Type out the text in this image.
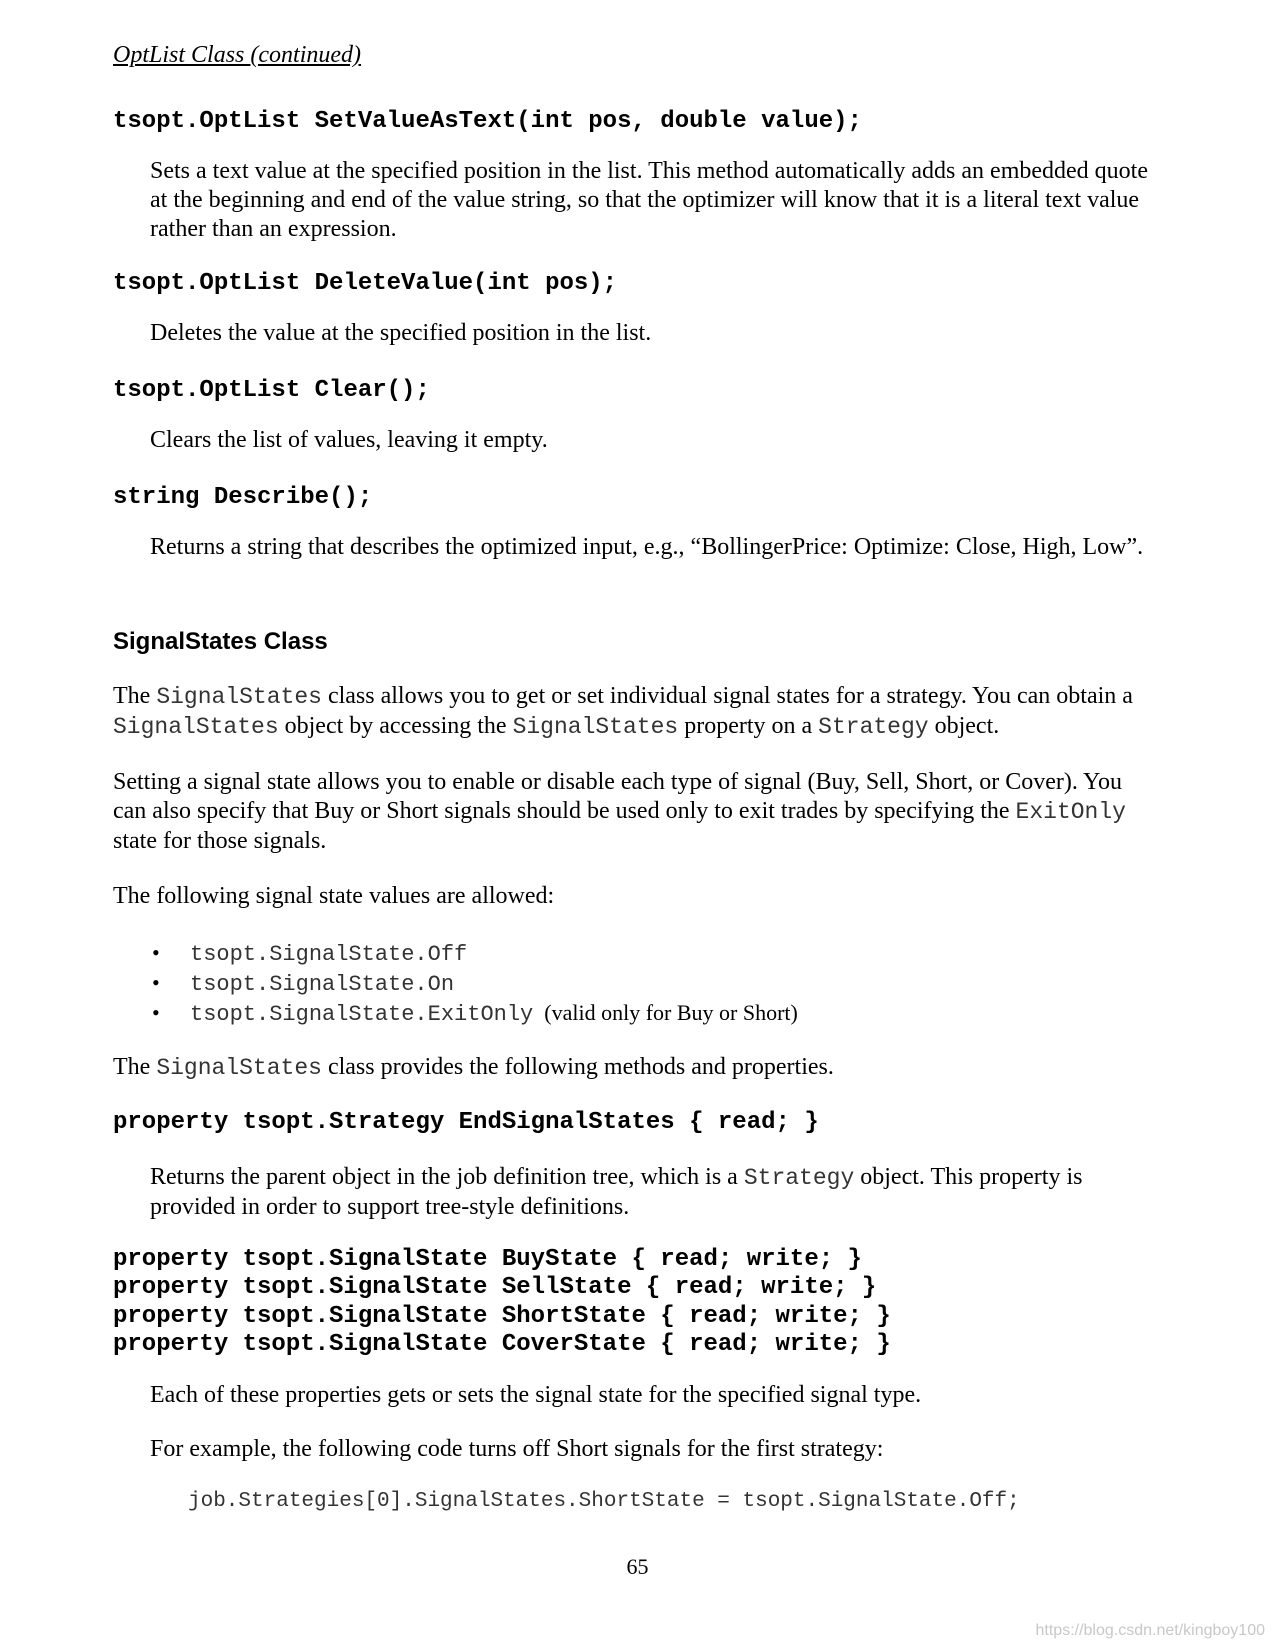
OptList Class (continued)
tsopt.OptList SetValueAsText(int pos, double value);
Sets a text value at the specified position in the list. This method automatically adds an embedded quote at the beginning and end of the value string, so that the optimizer will know that it is a literal text value rather than an expression.
tsopt.OptList DeleteValue(int pos);
Deletes the value at the specified position in the list.
tsopt.OptList Clear();
Clears the list of values, leaving it empty.
string Describe();
Returns a string that describes the optimized input, e.g., “BollingerPrice: Optimize: Close, High, Low”.
SignalStates Class
The SignalStates class allows you to get or set individual signal states for a strategy. You can obtain a SignalStates object by accessing the SignalStates property on a Strategy object.
Setting a signal state allows you to enable or disable each type of signal (Buy, Sell, Short, or Cover). You can also specify that Buy or Short signals should be used only to exit trades by specifying the ExitOnly state for those signals.
The following signal state values are allowed:
• tsopt.SignalState.Off
• tsopt.SignalState.On
• tsopt.SignalState.ExitOnly (valid only for Buy or Short)
The SignalStates class provides the following methods and properties.
property tsopt.Strategy EndSignalStates { read; }
Returns the parent object in the job definition tree, which is a Strategy object. This property is provided in order to support tree-style definitions.
property tsopt.SignalState BuyState { read; write; }
property tsopt.SignalState SellState { read; write; }
property tsopt.SignalState ShortState { read; write; }
property tsopt.SignalState CoverState { read; write; }
Each of these properties gets or sets the signal state for the specified signal type.
For example, the following code turns off Short signals for the first strategy:
job.Strategies[0].SignalStates.ShortState = tsopt.SignalState.Off;
65
https://blog.csdn.net/kingboy100
